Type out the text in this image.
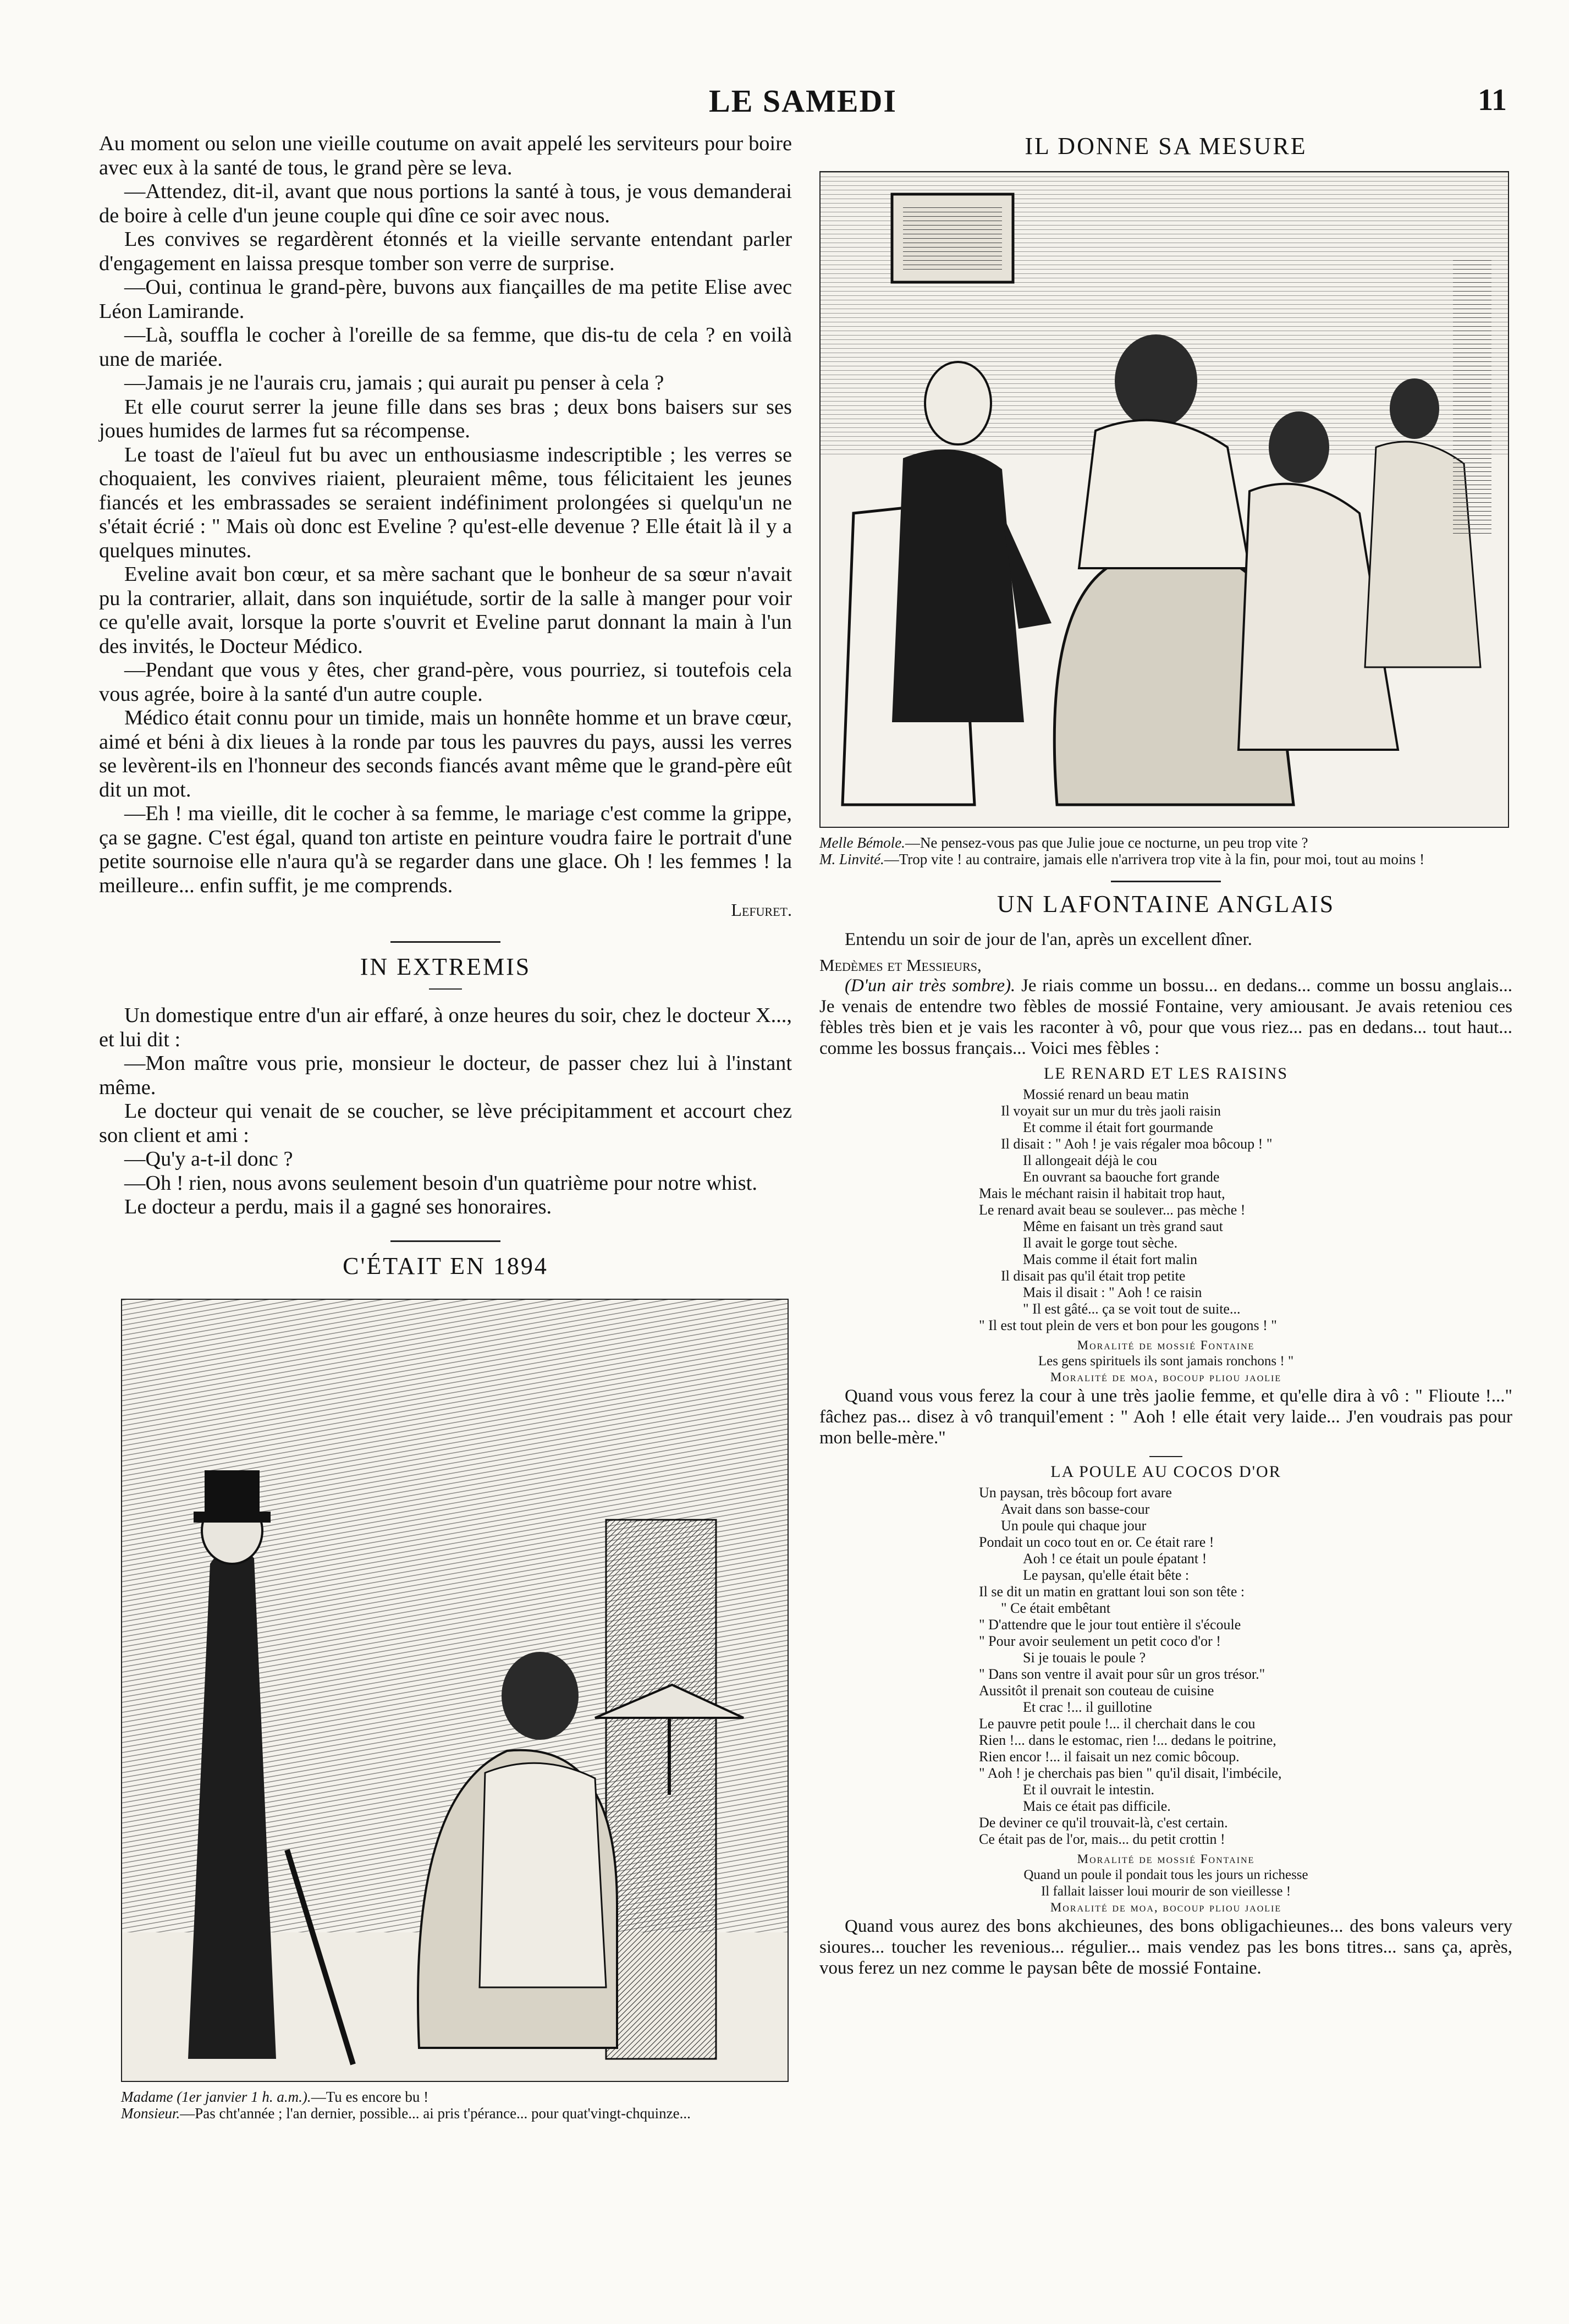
LE SAMEDI	11

Au moment ou selon une vieille coutume on avait appelé les serviteurs pour boire avec eux à la santé de tous, le grand père se leva.

—Attendez, dit-il, avant que nous portions la santé à tous, je vous demanderai de boire à celle d'un jeune couple qui dîne ce soir avec nous.

Les convives se regardèrent étonnés et la vieille servante entendant parler d'engagement en laissa presque tomber son verre de surprise.

—Oui, continua le grand-père, buvons aux fiançailles de ma petite Elise avec Léon Lamirande.

—Là, souffla le cocher à l'oreille de sa femme, que dis-tu de cela ? en voilà une de mariée.

—Jamais je ne l'aurais cru, jamais ; qui aurait pu penser à cela ?

Et elle courut serrer la jeune fille dans ses bras ; deux bons baisers sur ses joues humides de larmes fut sa récompense.

Le toast de l'aïeul fut bu avec un enthousiasme indescriptible ; les verres se choquaient, les convives riaient, pleuraient même, tous félicitaient les jeunes fiancés et les embrassades se seraient indéfiniment prolongées si quelqu'un ne s'était écrié : " Mais où donc est Eveline ? qu'est-elle devenue ? Elle était là il y a quelques minutes.

Eveline avait bon cœur, et sa mère sachant que le bonheur de sa sœur n'avait pu la contrarier, allait, dans son inquiétude, sortir de la salle à manger pour voir ce qu'elle avait, lorsque la porte s'ouvrit et Eveline parut donnant la main à l'un des invités, le Docteur Médico.

—Pendant que vous y êtes, cher grand-père, vous pourriez, si toutefois cela vous agrée, boire à la santé d'un autre couple.

Médico était connu pour un timide, mais un honnête homme et un brave cœur, aimé et béni à dix lieues à la ronde par tous les pauvres du pays, aussi les verres se levèrent-ils en l'honneur des seconds fiancés avant même que le grand-père eût dit un mot.

—Eh ! ma vieille, dit le cocher à sa femme, le mariage c'est comme la grippe, ça se gagne. C'est égal, quand ton artiste en peinture voudra faire le portrait d'une petite sournoise elle n'aura qu'à se regarder dans une glace. Oh ! les femmes ! la meilleure... enfin suffit, je me comprends.

Lefuret.
IN EXTREMIS

Un domestique entre d'un air effaré, à onze heures du soir, chez le docteur X..., et lui dit :

—Mon maître vous prie, monsieur le docteur, de passer chez lui à l'instant même.

Le docteur qui venait de se coucher, se lève précipitamment et accourt chez son client et ami :

—Qu'y a-t-il donc ?

—Oh ! rien, nous avons seulement besoin d'un quatrième pour notre whist.

Le docteur a perdu, mais il a gagné ses honoraires.

C'ÉTAIT EN 1894
Madame (1er janvier 1 h. a.m.).—Tu es encore bu !
Monsieur.—Pas cht'année ; l'an dernier, possible... ai pris t'pérance... pour quat'vingt-chquinze...
IL DONNE SA MESURE
Melle Bémole.—Ne pensez-vous pas que Julie joue ce nocturne, un peu trop vite ?
M. Linvité.—Trop vite ! au contraire, jamais elle n'arrivera trop vite à la fin, pour moi, tout au moins !
UN LAFONTAINE ANGLAIS

Entendu un soir de jour de l'an, après un excellent dîner.

Medèmes et Messieurs,

(D'un air très sombre). Je riais comme un bossu... en dedans... comme un bossu anglais... Je venais de entendre two fèbles de mossié Fontaine, very amiousant. Je avais reteniou ces fèbles très bien et je vais les raconter à vô, pour que vous riez... pas en dedans... tout haut... comme les bossus français... Voici mes fèbles :

LE RENARD ET LES RAISINS
Mossié renard un beau matin
Il voyait sur un mur du très jaoli raisin
Et comme il était fort gourmande
Il disait : " Aoh ! je vais régaler moa bôcoup ! "
Il allongeait déjà le cou
En ouvrant sa baouche fort grande
Mais le méchant raisin il habitait trop haut,
Le renard avait beau se soulever... pas mèche !
Même en faisant un très grand saut
Il avait le gorge tout sèche.
Mais comme il était fort malin
Il disait pas qu'il était trop petite
Mais il disait : " Aoh ! ce raisin
" Il est gâté... ça se voit tout de suite...
" Il est tout plein de vers et bon pour les gougons ! "
Moralité de mossié Fontaine
Les gens spirituels ils sont jamais ronchons ! "
Moralité de moa, bocoup pliou jaolie

Quand vous vous ferez la cour à une très jaolie femme, et qu'elle dira à vô : " Flioute !..." fâchez pas... disez à vô tranquil'ement : " Aoh ! elle était very laide... J'en voudrais pas pour mon belle-mère."

LA POULE AU COCOS D'OR
Un paysan, très bôcoup fort avare
Avait dans son basse-cour
Un poule qui chaque jour
Pondait un coco tout en or. Ce était rare !
Aoh ! ce était un poule épatant !
Le paysan, qu'elle était bête :
Il se dit un matin en grattant loui son son tête :
" Ce était embêtant
" D'attendre que le jour tout entière il s'écoule
" Pour avoir seulement un petit coco d'or !
Si je touais le poule ?
" Dans son ventre il avait pour sûr un gros trésor."
Aussitôt il prenait son couteau de cuisine
Et crac !... il guillotine
Le pauvre petit poule !... il cherchait dans le cou
Rien !... dans le estomac, rien !... dedans le poitrine,
Rien encor !... il faisait un nez comic bôcoup.
" Aoh ! je cherchais pas bien " qu'il disait, l'imbécile,
Et il ouvrait le intestin.
Mais ce était pas difficile.
De deviner ce qu'il trouvait-là, c'est certain.
Ce était pas de l'or, mais... du petit crottin !
Moralité de mossié Fontaine
Quand un poule il pondait tous les jours un richesse
Il fallait laisser loui mourir de son vieillesse !
Moralité de moa, bocoup pliou jaolie

Quand vous aurez des bons akchieunes, des bons obligachieunes... des bons valeurs very sioures... toucher les revenious... régulier... mais vendez pas les bons titres... sans ça, après, vous ferez un nez comme le paysan bête de mossié Fontaine.
